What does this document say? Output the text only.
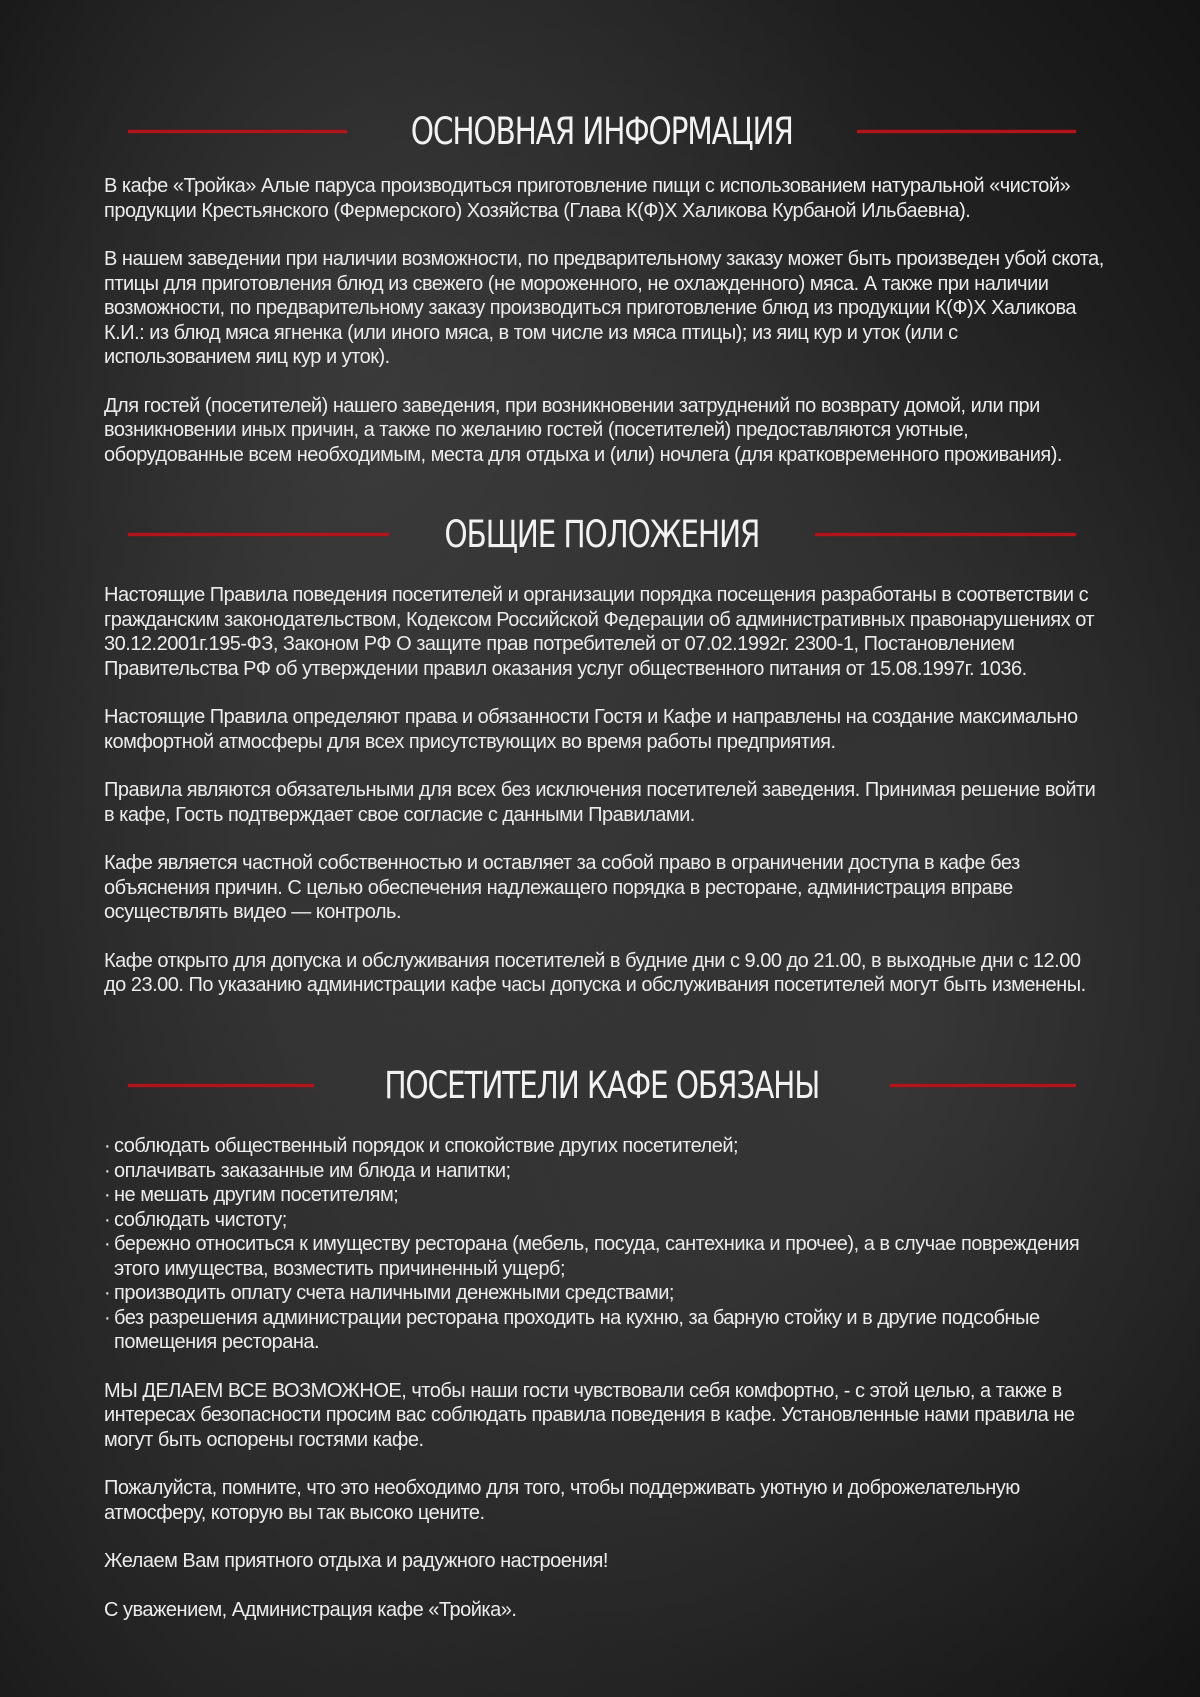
ОСНОВНАЯ ИНФОРМАЦИЯ

В кафе «Тройка» Алые паруса производиться приготовление пищи с использованием натуральной «чистой» продукции Крестьянского (Фермерского) Хозяйства (Глава К(Ф)Х Халикова Курбаной Ильбаевна).

В нашем заведении при наличии возможности, по предварительному заказу может быть произведен убой скота, птицы для приготовления блюд из свежего (не мороженного, не охлажденного) мяса. А также при наличии возможности, по предварительному заказу производиться приготовление блюд из продукции К(Ф)Х Халикова К.И.: из блюд мяса ягненка (или иного мяса, в том числе из мяса птицы); из яиц кур и уток (или с использованием яиц кур и уток).

Для гостей (посетителей) нашего заведения, при возникновении затруднений по возврату домой, или при возникновении иных причин, а также по желанию гостей (посетителей) предоставляются уютные, оборудованные всем необходимым, места для отдыха и (или) ночлега (для кратковременного проживания).

ОБЩИЕ ПОЛОЖЕНИЯ

Настоящие Правила поведения посетителей и организации порядка посещения разработаны в соответствии с гражданским законодательством, Кодексом Российской Федерации об административных правонарушениях от 30.12.2001г.195-ФЗ, Законом РФ О защите прав потребителей от 07.02.1992г. 2300-1, Постановлением Правительства РФ об утверждении правил оказания услуг общественного питания от 15.08.1997г. 1036.

Настоящие Правила определяют права и обязанности Гостя и Кафе и направлены на создание максимально комфортной атмосферы для всех присутствующих во время работы предприятия.

Правила являются обязательными для всех без исключения посетителей заведения. Принимая решение войти в кафе, Гость подтверждает свое согласие с данными Правилами.

Кафе является частной собственностью и оставляет за собой право в ограничении доступа в кафе без объяснения причин. С целью обеспечения надлежащего порядка в ресторане, администрация вправе осуществлять видео — контроль.

Кафе открыто для допуска и обслуживания посетителей в будние дни с 9.00 до 21.00, в выходные дни с 12.00 до 23.00. По указанию администрации кафе часы допуска и обслуживания посетителей могут быть изменены.

ПОСЕТИТЕЛИ КАФЕ ОБЯЗАНЫ
· соблюдать общественный порядок и спокойствие других посетителей;
· оплачивать заказанные им блюда и напитки;
· не мешать другим посетителям;
· соблюдать чистоту;
· бережно относиться к имуществу ресторана (мебель, посуда, сантехника и прочее), а в случае повреждения этого имущества, возместить причиненный ущерб;
· производить оплату счета наличными денежными средствами;
· без разрешения администрации ресторана проходить на кухню, за барную стойку и в другие подсобные помещения ресторана.

МЫ ДЕЛАЕМ ВСЕ ВОЗМОЖНОЕ, чтобы наши гости чувствовали себя комфортно, - с этой целью, а также в интересах безопасности просим вас соблюдать правила поведения в кафе. Установленные нами правила не могут быть оспорены гостями кафе.

Пожалуйста, помните, что это необходимо для того, чтобы поддерживать уютную и доброжелательную атмосферу, которую вы так высоко цените.

Желаем Вам приятного отдыха и радужного настроения!

С уважением, Администрация кафе «Тройка».
